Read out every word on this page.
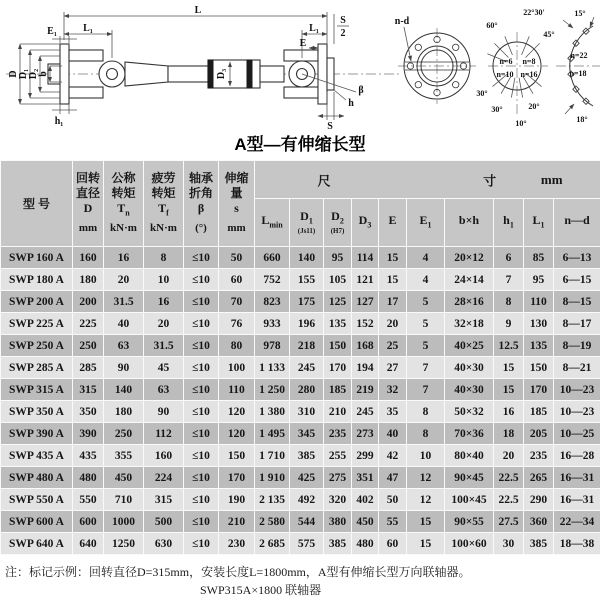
L
L₁
E₁	L₁
S
2
E
D D₁ D₂ b
h₁
D₃
β
h
S
n-d
22°30′
45°
60°
n=6 n=8
n=10 n=16
30°
30°	20°
10°
15°
n=22
n=18
18°
A型—有伸缩长型
型 号	
回转
直径
D
mm

公称
转矩
$T_n$
kN·m

疲劳
转矩
$T_f$
kN·m

轴承
折角
β
(°)

伸缩量
s
mm

尺	寸	mm

$L_{min}$

$D_1$
(Js11)

$D_2$
(H7)

$D_3$	E	$E_1$	b×h	$h_1$	$L_1$	n—d

SWP 160 A	160	16	8	≤10	50	660	140	95	114	15	4	20×12	6	85	6—13
SWP 180 A	180	20	10	≤10	60	752	155	105	121	15	4	24×14	7	95	6—15
SWP 200 A	200	31.5	16	≤10	70	823	175	125	127	17	5	28×16	8	110	8—15
SWP 225 A	225	40	20	≤10	76	933	196	135	152	20	5	32×18	9	130	8—17
SWP 250 A	250	63	31.5	≤10	80	978	218	150	168	25	5	40×25	12.5	135	8—19
SWP 285 A	285	90	45	≤10	100	1 133	245	170	194	27	7	40×30	15	150	8—21
SWP 315 A	315	140	63	≤10	110	1 250	280	185	219	32	7	40×30	15	170	10—23
SWP 350 A	350	180	90	≤10	120	1 380	310	210	245	35	8	50×32	16	185	10—23
SWP 390 A	390	250	112	≤10	120	1 495	345	235	273	40	8	70×36	18	205	10—25
SWP 435 A	435	355	160	≤10	150	1 710	385	255	299	42	10	80×40	20	235	16—28
SWP 480 A	480	450	224	≤10	170	1 910	425	275	351	47	12	90×45	22.5	265	16—31
SWP 550 A	550	710	315	≤10	190	2 135	492	320	402	50	12	100×45	22.5	290	16—31
SWP 600 A	600	1000	500	≤10	210	2 580	544	380	450	55	15	90×55	27.5	360	22—34
SWP 640 A	640	1250	630	≤10	230	2 685	575	385	480	60	15	100×60	30	385	18—38
注：标记示例：回转直径D=315mm，安装长度L=1800mm，A型有伸缩长型万向联轴器。
SWP315A×1800 联轴器
